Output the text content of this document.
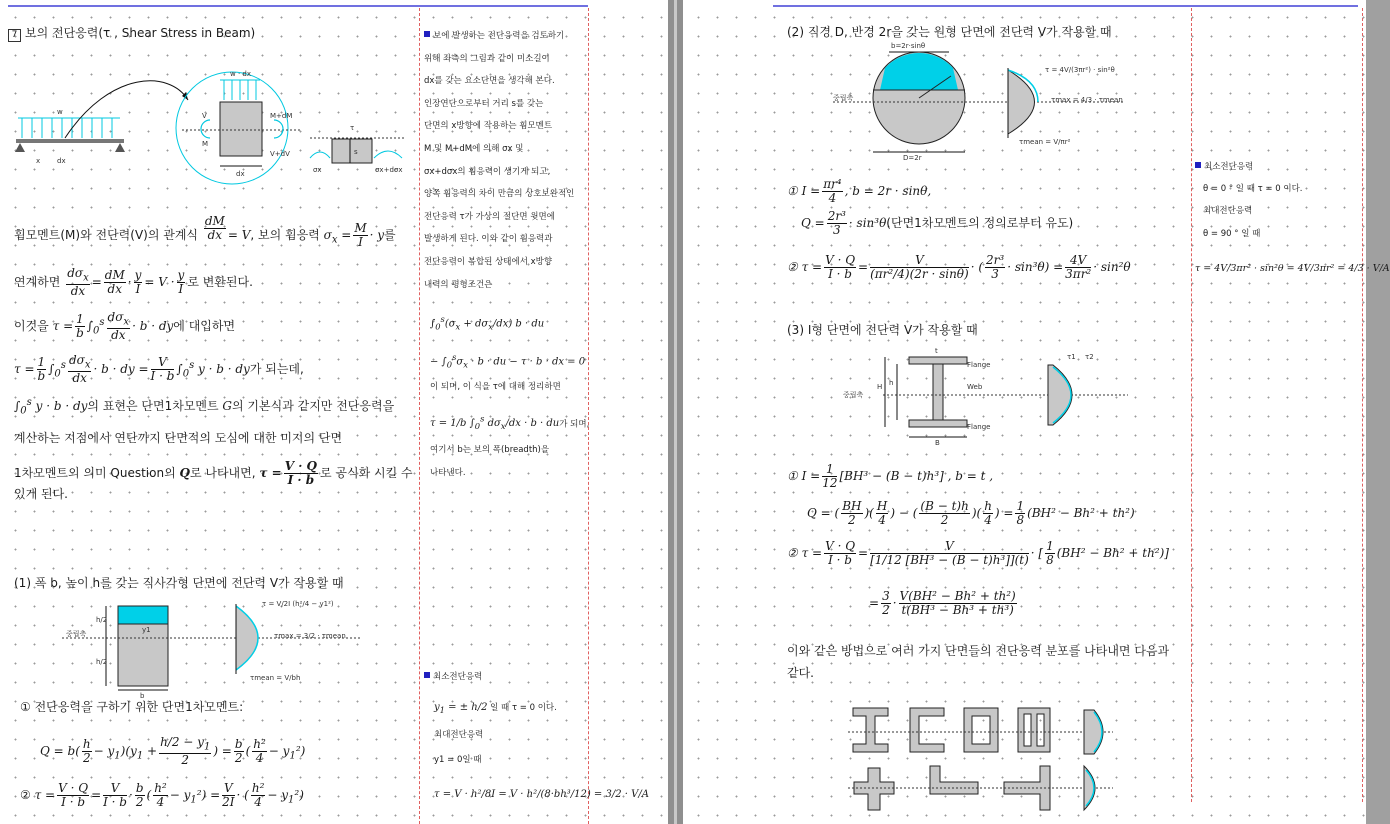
7 보의 전단응력(τ , Shear Stress in Beam)
w
x dx
w · dx
V
M
M+dM
V+dV
dx
τ
s
σx	σx+dσx
휨모멘트(M)와 전단력(V)의 관계식 $\frac{dM}{dx} = V$, 보의 휨응력 $\sigma_x = \frac{M}{I} \cdot y$를
연계하면 $\frac{d\sigma_x}{dx} = \frac{dM}{dx} \cdot \frac{y}{I} = V \cdot \frac{y}{I}$ 로 변환된다.
이것을 $\tau = \frac{1}{b} \int_0^s \frac{d\sigma_x}{dx} \cdot b$ · dy에 대입하면
$\tau = \frac{1}{b} \int_0^s \frac{d\sigma_x}{dx} \cdot b$ · dy = $\frac{V}{I \cdot b} \int_0^s$ y · b · dy가 되는데,
$\int_0^s$ y · b · dy의 표현은 단면1차모멘트 G의 기본식과 같지만 전단응력을
계산하는 지점에서 연단까지 단면적의 도심에 대한 미지의 단면
1차모멘트의 의미 Question의 Q로 나타내면, $\tau = \frac{V \cdot Q}{I \cdot b}$ 로 공식화 시킬 수
있게 된다.
(1) 폭 b, 높이 h를 갖는 직사각형 단면에 전단력 V가 작용할 때
h/2
h/2
y1
중립축
b
τ = V/2I (h²/4 − y1²)
τmax = 3/2 · τmean
τmean = V/bh
① 전단응력을 구하기 위한 단면1차모멘트:
$Q = b( \frac{h}{2} - y_1)(y_1 + \frac{h/2 - y_1}{2}$ ) = $\frac{b}{2}$ ( $\frac{\text{h²}}{4} - y_1^2$)
② $\tau = \frac{V \cdot Q}{I \cdot b} = \frac{V}{I \cdot b} \cdot \frac{b}{2}$ ( $\frac{\text{h²}}{4} - y_1^2) = \frac{V}{2I}$ · ( $\frac{\text{h²}}{4} - y_1^2$)
보에 발생하는 전단응력을 검토하기
위해 좌측의 그림과 같이 미소길이
dx를 갖는 요소단면을 생각해 본다.
인장연단으로부터 거리 s를 갖는
단면의 x방향에 작용하는 휨모멘트
M 및 M+dM에 의해 σx 및
σx+dσx의 휨응력이 생기게 되고,
양쪽 휨응력의 차이 만큼의 상호보완적인
전단응력 τ가 가상의 절단면 윗면에
발생하게 된다. 이와 같이 휨응력과
전단응력이 복합된 상태에서 x방향
내력의 평형조건은
$\int_0^s(\sigma_x + d\sigma_x/dx) b$ · du
− $\int_0^s\sigma_x \cdot b$ · du − τ · b · dx = 0
이 되며, 이 식을 τ에 대해 정리하면
τ = 1/b $\int_0^s$ $d\sigma_x/dx \cdot b$ · du가 되며,
여기서 b는 보의 폭(breadth)을
나타낸다.
최소전단응력
$y_1$ = ± h/2 일 때 τ = 0 이다.
최대전단응력
y1 = 0일 때
τ = V · h²/8I = V · h²/(8·bh³/12) = 3/2 · V/A
(2) 직경 D, 반경 2r을 갖는 원형 단면에 전단력 V가 작용할 때
b=2r·sinθ
중립축
D=2r
τ = 4V/(3πr²) · sin²θ
τmax = 4/3 · τmean
τmean = V/πr²
① $I = \frac{\text{πr⁴}}{4}$ , b = 2r · sinθ,
$Q = \frac{\text{2r³}}{3} \cdot \sin^3\theta$(단면1차모멘트의 정의로부터 유도)
② $\tau = \frac{V \cdot Q}{I \cdot b} = \frac{V}{\text{(πr²/4)(2r · sinθ)}}$ · ( $\frac{\text{2r³}}{3} \cdot \sin^3\theta) = \frac{4V}{\text{3πr²}} \cdot \sin^2\theta$
(3) I형 단면에 전단력 V가 작용할 때
중립축
Flange
Web
Flange
H h
B
t
τ1 τ2
① $I = \frac{1}{12} [BH^3 - (B - t)h^3]$ , b = t ,
Q = ( $\frac{BH}{2}$ )( $\frac{H}{4}$ ) − ( $\frac{(B - t)h}{2}$ )( $\frac{h}{4}$ ) = $\frac{1}{8} (BH^2 - Bh^2 + th^2)$
② $\tau = \frac{V \cdot Q}{I \cdot b} = \frac{V}{\text{[1/12 [BH³ − (B − t)h³]](t)}}$ · [ $\frac{1}{8} (BH^2 - Bh^2 + th^2)$]
= $\frac{3}{2} \cdot \frac{\text{V(BH² − Bh² + th²)}}{\text{t(BH³ − Bh³ + th³)}}$
이와 같은 방법으로 여러 가지 단면들의 전단응력 분포를 나타내면 다음과
같다.
최소전단응력
θ = 0 ° 일 때 τ = 0 이다.
최대전단응력
θ = 90 ° 일 때
τ = 4V/3πr² · sin²θ = 4V/3πr² = 4/3 · V/A
